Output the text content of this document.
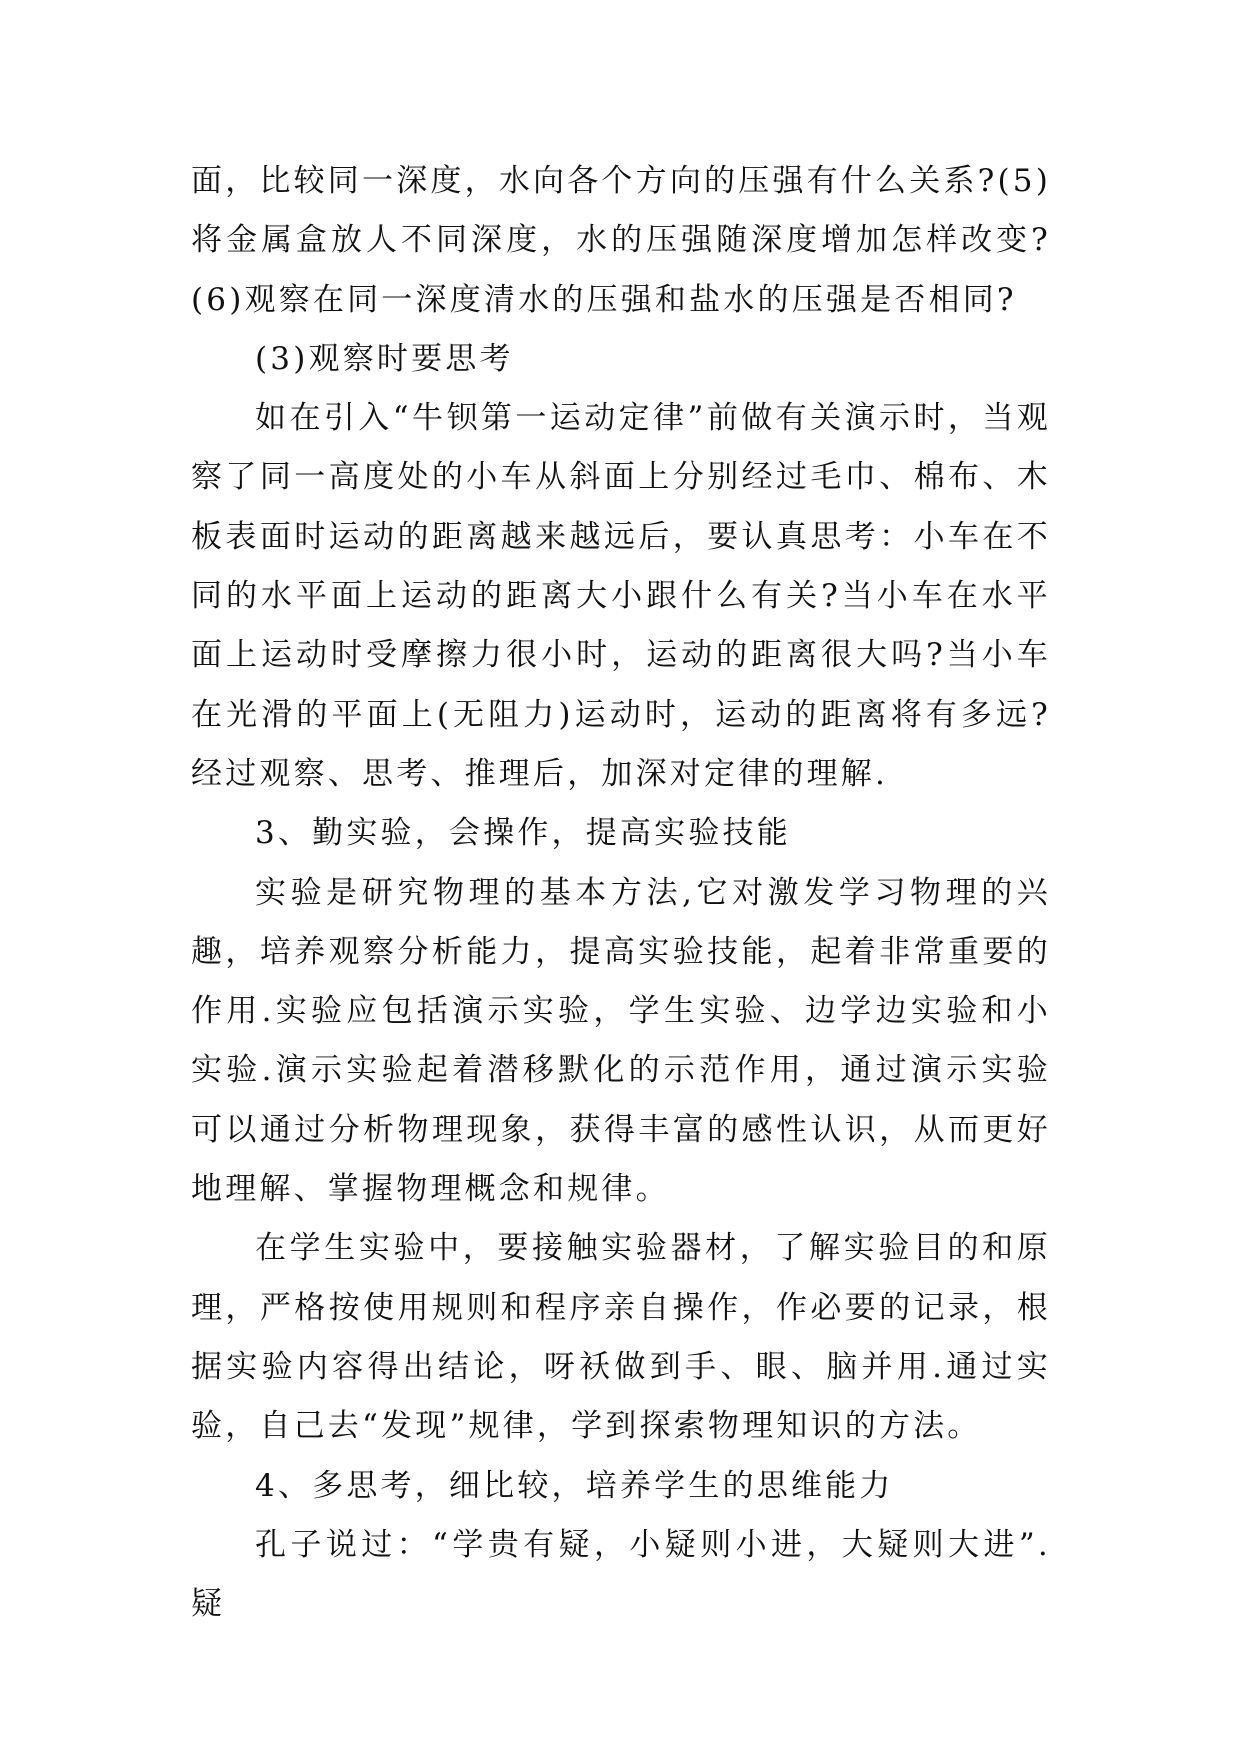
面，比较同一深度，水向各个方向的压强有什么关系?(5)将金属盒放人不同深度，水的压强随深度增加怎样改变?(6)观察在同一深度清水的压强和盐水的压强是否相同?

(3)观察时要思考

如在引入“牛钡第一运动定律”前做有关演示时，当观察了同一高度处的小车从斜面上分别经过毛巾、棉布、木板表面时运动的距离越来越远后，要认真思考：小车在不同的水平面上运动的距离大小跟什么有关?当小车在水平面上运动时受摩擦力很小时，运动的距离很大吗?当小车在光滑的平面上(无阻力)运动时，运动的距离将有多远?经过观察、思考、推理后，加深对定律的理解.

3、勤实验，会操作，提高实验技能

实验是研究物理的基本方法,它对激发学习物理的兴趣，培养观察分析能力，提高实验技能，起着非常重要的作用.实验应包括演示实验，学生实验、边学边实验和小实验.演示实验起着潜移默化的示范作用，通过演示实验可以通过分析物理现象，获得丰富的感性认识，从而更好地理解、掌握物理概念和规律。

在学生实验中，要接触实验器材，了解实验目的和原理，严格按使用规则和程序亲自操作，作必要的记录，根据实验内容得出结论，呀袄做到手、眼、脑并用.通过实验，自己去“发现”规律，学到探索物理知识的方法。

4、多思考，细比较，培养学生的思维能力

孔子说过：“学贵有疑，小疑则小进，大疑则大进”.疑
